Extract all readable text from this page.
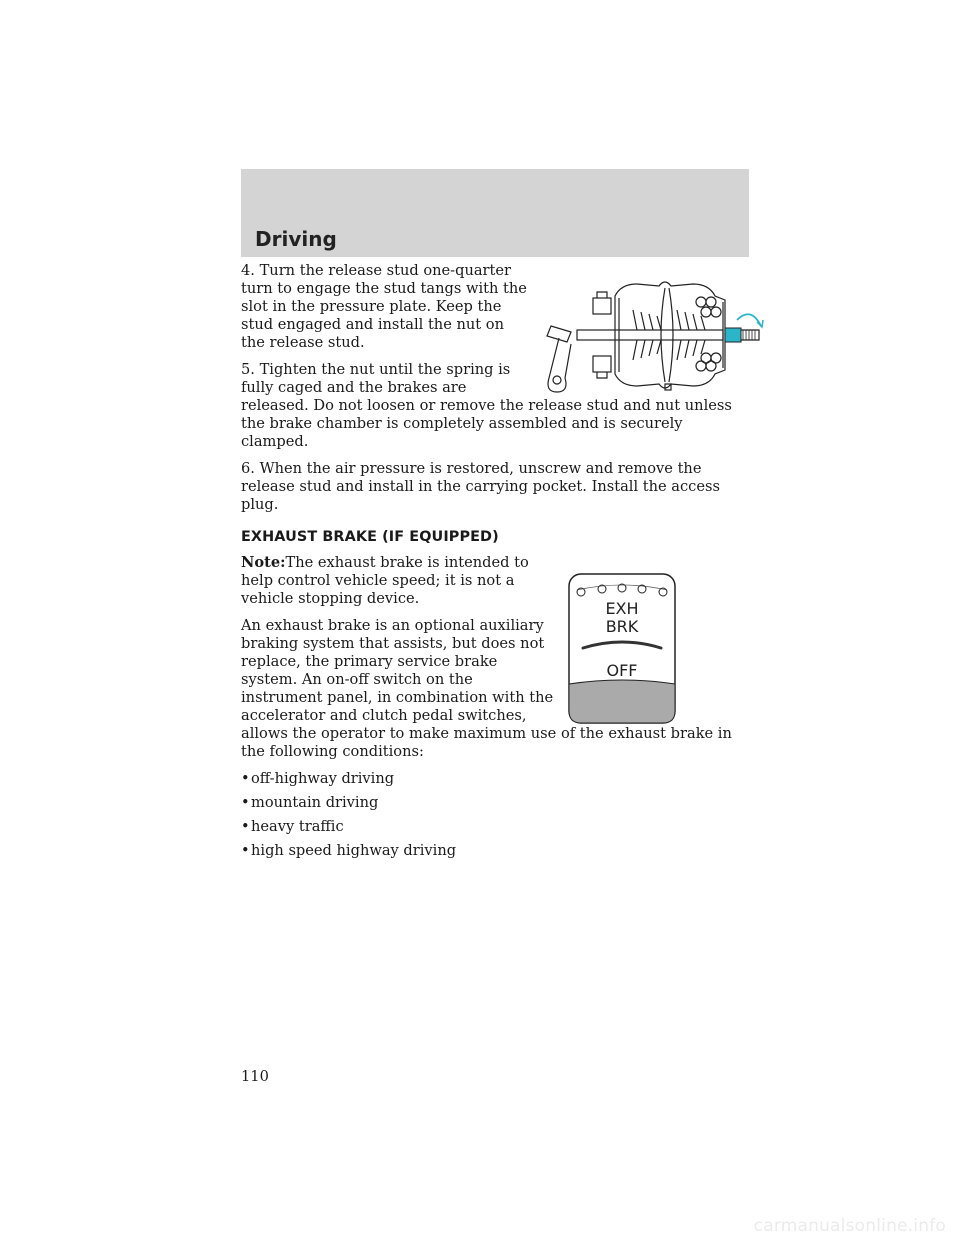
Driving

4. Turn the release stud one-quarter turn to engage the stud tangs with the slot in the pressure plate. Keep the stud engaged and install the nut on the release stud.

5. Tighten the nut until the spring is fully caged and the brakes are released. Do not loosen or remove the release stud and nut unless the brake chamber is completely assembled and is securely clamped.

6. When the air pressure is restored, unscrew and remove the release stud and install in the carrying pocket. Install the access plug.

EXHAUST BRAKE (IF EQUIPPED)
EXH
BRK
OFF

Note:The exhaust brake is intended to help control vehicle speed; it is not a vehicle stopping device.

An exhaust brake is an optional auxiliary braking system that assists, but does not replace, the primary service brake system. An on-off switch on the instrument panel, in combination with the accelerator and clutch pedal switches, allows the operator to make maximum use of the exhaust brake in the following conditions:

• off-highway driving
• mountain driving
• heavy traffic
• high speed highway driving
110
carmanualsonline.info
